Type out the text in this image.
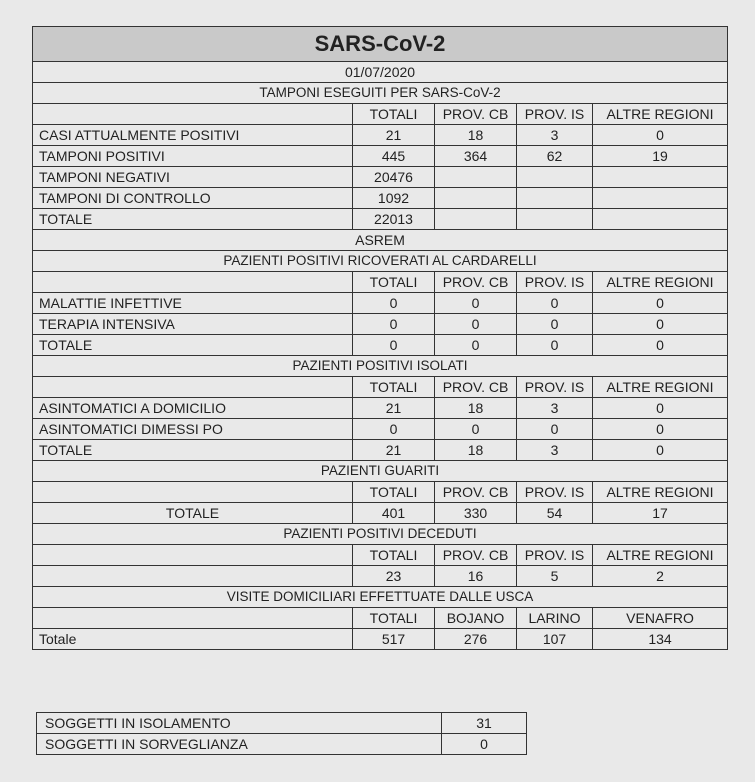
SARS-CoV-2				
01/07/2020				
TAMPONI ESEGUITI PER SARS-CoV-2				
	TOTALI	PROV. CB	PROV. IS	ALTRE REGIONI
CASI ATTUALMENTE POSITIVI	21	18	3	0
TAMPONI POSITIVI	445	364	62	19
TAMPONI NEGATIVI	20476			
TAMPONI DI CONTROLLO	1092			
TOTALE	22013			
ASREM				
PAZIENTI POSITIVI RICOVERATI AL CARDARELLI				
	TOTALI	PROV. CB	PROV. IS	ALTRE REGIONI
MALATTIE INFETTIVE	0	0	0	0
TERAPIA INTENSIVA	0	0	0	0
TOTALE	0	0	0	0
PAZIENTI POSITIVI ISOLATI				
	TOTALI	PROV. CB	PROV. IS	ALTRE REGIONI
ASINTOMATICI A DOMICILIO	21	18	3	0
ASINTOMATICI DIMESSI PO	0	0	0	0
TOTALE	21	18	3	0
PAZIENTI GUARITI				
	TOTALI	PROV. CB	PROV. IS	ALTRE REGIONI
TOTALE	401	330	54	17
PAZIENTI POSITIVI DECEDUTI				
	TOTALI	PROV. CB	PROV. IS	ALTRE REGIONI
	23	16	5	2
VISITE DOMICILIARI EFFETTUATE DALLE USCA				
	TOTALI	BOJANO	LARINO	VENAFRO
Totale	517	276	107	134
SOGGETTI IN ISOLAMENTO	31
SOGGETTI IN SORVEGLIANZA	0
